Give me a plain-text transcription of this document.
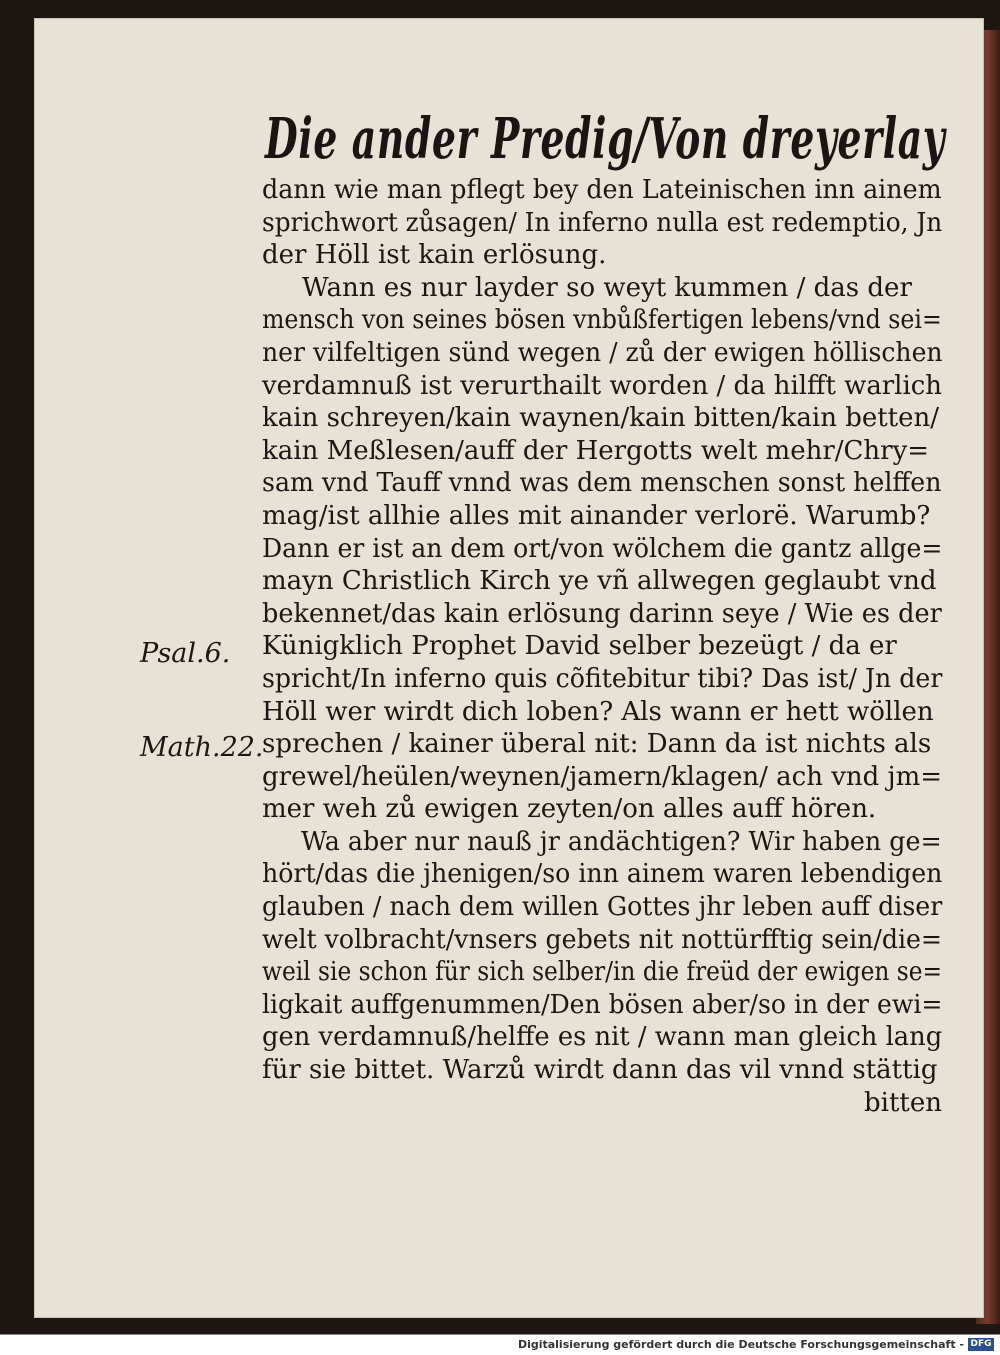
Die ander Predig/Von dreyerlay
Psal.6.
Math.22.
dann wie man pflegt bey den Lateinischen inn ainem
sprichwort zůsagen/ In inferno nulla est redemptio, Jn
der Höll ist kain erlösung.
Wann es nur layder so weyt kummen / das der
mensch von seines bösen vnbůßfertigen lebens/vnd sei=
ner vilfeltigen sünd wegen / zů der ewigen höllischen
verdamnuß ist verurthailt worden / da hilfft warlich
kain schreyen/kain waynen/kain bitten/kain betten/
kain Meßlesen/auff der Hergotts welt mehr/Chry=
sam vnd Tauff vnnd was dem menschen sonst helffen
mag/ist allhie alles mit ainander verlorë. Warumb?
Dann er ist an dem ort/von wölchem die gantz allge=
mayn Christlich Kirch ye vñ allwegen geglaubt vnd
bekennet/das kain erlösung darinn seye / Wie es der
Künigklich Prophet David selber bezeügt / da er
spricht/In inferno quis cõfitebitur tibi? Das ist/ Jn der
Höll wer wirdt dich loben? Als wann er hett wöllen
sprechen / kainer überal nit: Dann da ist nichts als
grewel/heülen/weynen/jamern/klagen/ ach vnd jm=
mer weh zů ewigen zeyten/on alles auff hören.
Wa aber nur nauß jr andächtigen? Wir haben ge=
hört/das die jhenigen/so inn ainem waren lebendigen
glauben / nach dem willen Gottes jhr leben auff diser
welt volbracht/vnsers gebets nit nottürfftig sein/die=
weil sie schon für sich selber/in die freüd der ewigen se=
ligkait auffgenummen/Den bösen aber/so in der ewi=
gen verdamnuß/helffe es nit / wann man gleich lang
für sie bittet. Warzů wirdt dann das vil vnnd stättig
bitten
Digitalisierung gefördert durch die Deutsche Forschungsgemeinschaft - DFG
